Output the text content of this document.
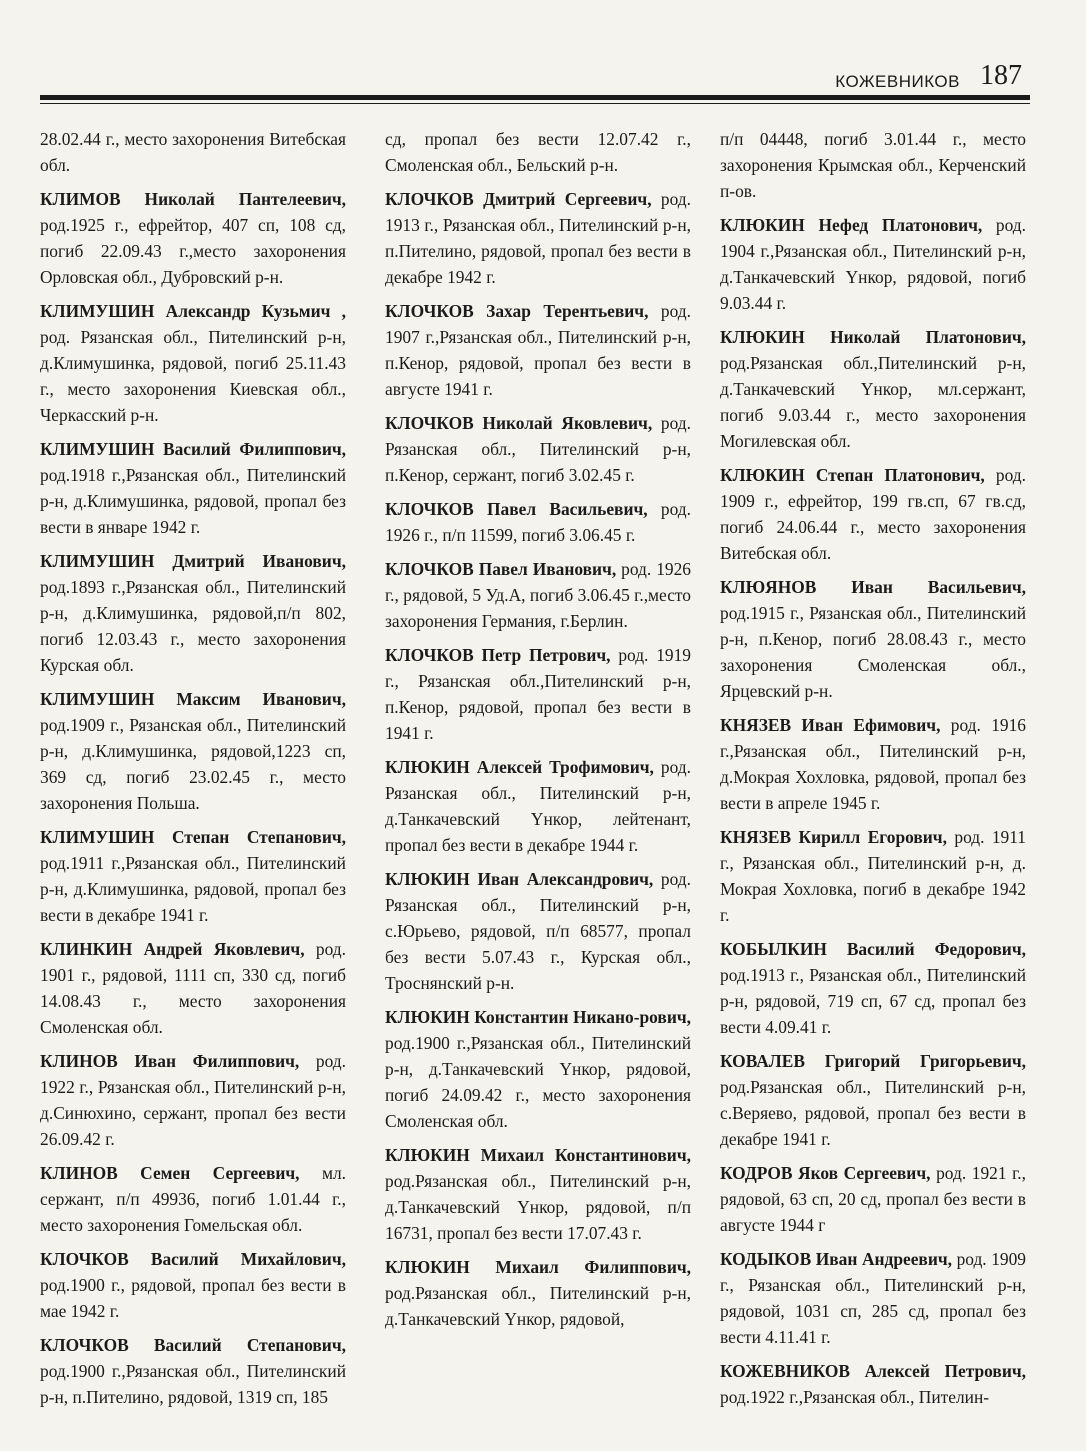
КОЖЕВНИКОВ 187

28.02.44 г., место захоронения Витебская обл.

КЛИМОВ Николай Пантелеевич, род.1925 г., ефрейтор, 407 сп, 108 сд, погиб 22.09.43 г.,место захоронения Орловская обл., Дубровский р-н.

КЛИМУШИН Александр Кузьмич , род. Рязанская обл., Пителинский р-н, д.Климушинка, рядовой, погиб 25.11.43 г., место захоронения Киевская обл., Черкасский р-н.

КЛИМУШИН Василий Филиппович, род.1918 г.,Рязанская обл., Пителинский р-н, д.Климушинка, рядовой, пропал без вести в январе 1942 г.

КЛИМУШИН Дмитрий Иванович, род.1893 г.,Рязанская обл., Пителинский р-н, д.Климушинка, рядовой,п/п 802, погиб 12.03.43 г., место захоронения Курская обл.

КЛИМУШИН Максим Иванович, род.1909 г., Рязанская обл., Пителинский р-н, д.Климушинка, рядовой,1223 сп, 369 сд, погиб 23.02.45 г., место захоронения Польша.

КЛИМУШИН Степан Степанович, род.1911 г.,Рязанская обл., Пителинский р-н, д.Климушинка, рядовой, пропал без вести в декабре 1941 г.

КЛИНКИН Андрей Яковлевич, род. 1901 г., рядовой, 1111 сп, 330 сд, погиб 14.08.43 г., место захоронения Смоленская обл.

КЛИНОВ Иван Филиппович, род. 1922 г., Рязанская обл., Пителинский р-н, д.Синюхино, сержант, пропал без вести 26.09.42 г.

КЛИНОВ Семен Сергеевич, мл. сержант, п/п 49936, погиб 1.01.44 г., место захоронения Гомельская обл.

КЛОЧКОВ Василий Михайлович, род.1900 г., рядовой, пропал без вести в мае 1942 г.

КЛОЧКОВ Василий Степанович, род.1900 г.,Рязанская обл., Пителинский р-н, п.Пителино, рядовой, 1319 сп, 185

сд, пропал без вести 12.07.42 г., Смоленская обл., Бельский р-н.

КЛОЧКОВ Дмитрий Сергеевич, род. 1913 г., Рязанская обл., Пителинский р-н, п.Пителино, рядовой, пропал без вести в декабре 1942 г.

КЛОЧКОВ Захар Терентьевич, род. 1907 г.,Рязанская обл., Пителинский р-н, п.Кенор, рядовой, пропал без вести в августе 1941 г.

КЛОЧКОВ Николай Яковлевич, род. Рязанская обл., Пителинский р-н, п.Кенор, сержант, погиб 3.02.45 г.

КЛОЧКОВ Павел Васильевич, род. 1926 г., п/п 11599, погиб 3.06.45 г.

КЛОЧКОВ Павел Иванович, род. 1926 г., рядовой, 5 Уд.А, погиб 3.06.45 г.,место захоронения Германия, г.Берлин.

КЛОЧКОВ Петр Петрович, род. 1919 г., Рязанская обл.,Пителинский р-н, п.Кенор, рядовой, пропал без вести в 1941 г.

КЛЮКИН Алексей Трофимович, род. Рязанская обл., Пителинский р-н, д.Танкачевский Yнкор, лейтенант, пропал без вести в декабре 1944 г.

КЛЮКИН Иван Александрович, род. Рязанская обл., Пителинский р-н, с.Юрьево, рядовой, п/п 68577, пропал без вести 5.07.43 г., Курская обл., Троснянский р-н.

КЛЮКИН Константин Никано-рович, род.1900 г.,Рязанская обл., Пителинский р-н, д.Танкачевский Yнкор, рядовой, погиб 24.09.42 г., место захоронения Смоленская обл.

КЛЮКИН Михаил Константинович, род.Рязанская обл., Пителинский р-н, д.Танкачевский Yнкор, рядовой, п/п 16731, пропал без вести 17.07.43 г.

КЛЮКИН Михаил Филиппович, род.Рязанская обл., Пителинский р-н, д.Танкачевский Yнкор, рядовой,

п/п 04448, погиб 3.01.44 г., место захоронения Крымская обл., Керченский п-ов.

КЛЮКИН Нефед Платонович, род. 1904 г.,Рязанская обл., Пителинский р-н, д.Танкачевский Yнкор, рядовой, погиб 9.03.44 г.

КЛЮКИН Николай Платонович, род.Рязанская обл.,Пителинский р-н, д.Танкачевский Yнкор, мл.сержант, погиб 9.03.44 г., место захоронения Могилевская обл.

КЛЮКИН Степан Платонович, род. 1909 г., ефрейтор, 199 гв.сп, 67 гв.сд, погиб 24.06.44 г., место захоронения Витебская обл.

КЛЮЯНОВ Иван Васильевич, род.1915 г., Рязанская обл., Пителинский р-н, п.Кенор, погиб 28.08.43 г., место захоронения Смоленская обл., Ярцевский р-н.

КНЯЗЕВ Иван Ефимович, род. 1916 г.,Рязанская обл., Пителинский р-н, д.Мокрая Хохловка, рядовой, пропал без вести в апреле 1945 г.

КНЯЗЕВ Кирилл Егорович, род. 1911 г., Рязанская обл., Пителинский р-н, д. Мокрая Хохловка, погиб в декабре 1942 г.

КОБЫЛКИН Василий Федорович, род.1913 г., Рязанская обл., Пителинский р-н, рядовой, 719 сп, 67 сд, пропал без вести 4.09.41 г.

КОВАЛЕВ Григорий Григорьевич, род.Рязанская обл., Пителинский р-н, с.Веряево, рядовой, пропал без вести в декабре 1941 г.

КОДРОВ Яков Сергеевич, род. 1921 г., рядовой, 63 сп, 20 сд, пропал без вести в августе 1944 г

КОДЫКОВ Иван Андреевич, род. 1909 г., Рязанская обл., Пителинский р-н, рядовой, 1031 сп, 285 сд, пропал без вести 4.11.41 г.

КОЖЕВНИКОВ Алексей Петрович, род.1922 г.,Рязанская обл., Пителин-
